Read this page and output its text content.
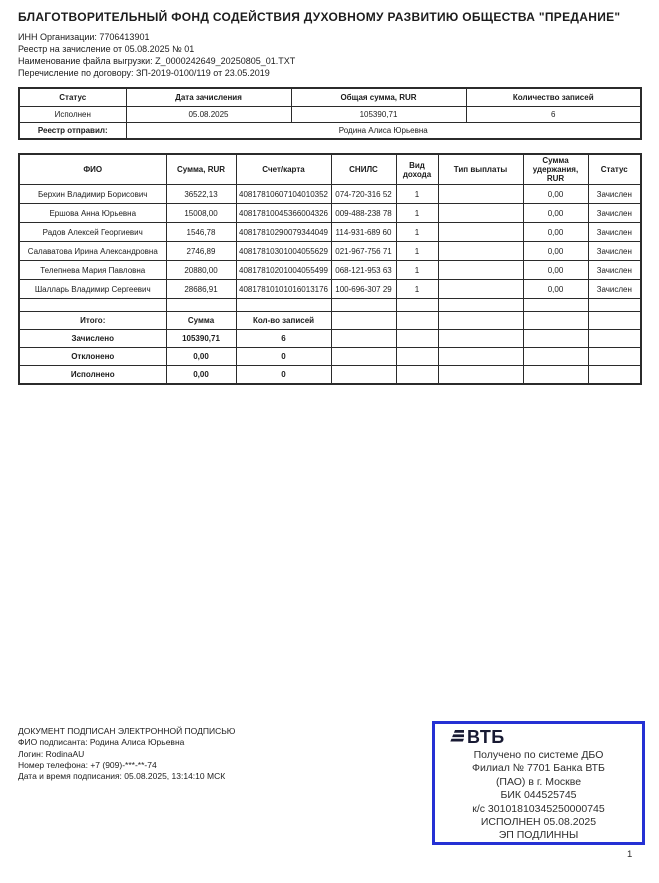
БЛАГОТВОРИТЕЛЬНЫЙ ФОНД СОДЕЙСТВИЯ ДУХОВНОМУ РАЗВИТИЮ ОБЩЕСТВА "ПРЕДАНИЕ"
ИНН Организации: 7706413901
Реестр на зачисление от 05.08.2025 № 01
Наименование файла выгрузки: Z_0000242649_20250805_01.TXT
Перечисление по договору: ЗП-2019-0100/119 от 23.05.2019
Статус	Дата зачисления	Общая сумма, RUR	Количество записей
Исполнен	05.08.2025	105390,71	6
Реестр отправил:	Родина Алиса Юрьевна		
ФИО	Сумма, RUR	Счет/карта	СНИЛС	Вид дохода	Тип выплаты	Сумма удержания, RUR	Статус
Берхин Владимир Борисович	36522,13	40817810607104010352	074-720-316 52	1		0,00	Зачислен
Ершова Анна Юрьевна	15008,00	40817810045366004326	009-488-238 78	1		0,00	Зачислен
Радов Алексей Георгиевич	1546,78	40817810290079344049	114-931-689 60	1		0,00	Зачислен
Салаватова Ирина Александровна	2746,89	40817810301004055629	021-967-756 71	1		0,00	Зачислен
Телепнева Мария Павловна	20880,00	40817810201004055499	068-121-953 63	1		0,00	Зачислен
Шалларь Владимир Сергеевич	28686,91	40817810101016013176	100-696-307 29	1		0,00	Зачислен

Итого:	Сумма	Кол-во записей					
Зачислено	105390,71	6					
Отклонено	0,00	0					
Исполнено	0,00	0					
ДОКУМЕНТ ПОДПИСАН ЭЛЕКТРОННОЙ ПОДПИСЬЮ
ФИО подписанта: Родина Алиса Юрьевна
Логин: RodinaAU
Номер телефона: +7 (909)-***-**-74
Дата и время подписания: 05.08.2025, 13:14:10 МСК
ВТБ
Получено по системе ДБО
Филиал № 7701 Банка ВТБ
(ПАО) в г. Москве
БИК 044525745
к/с 30101810345250000745
ИСПОЛНЕН 05.08.2025
ЭП ПОДЛИННЫ
1
